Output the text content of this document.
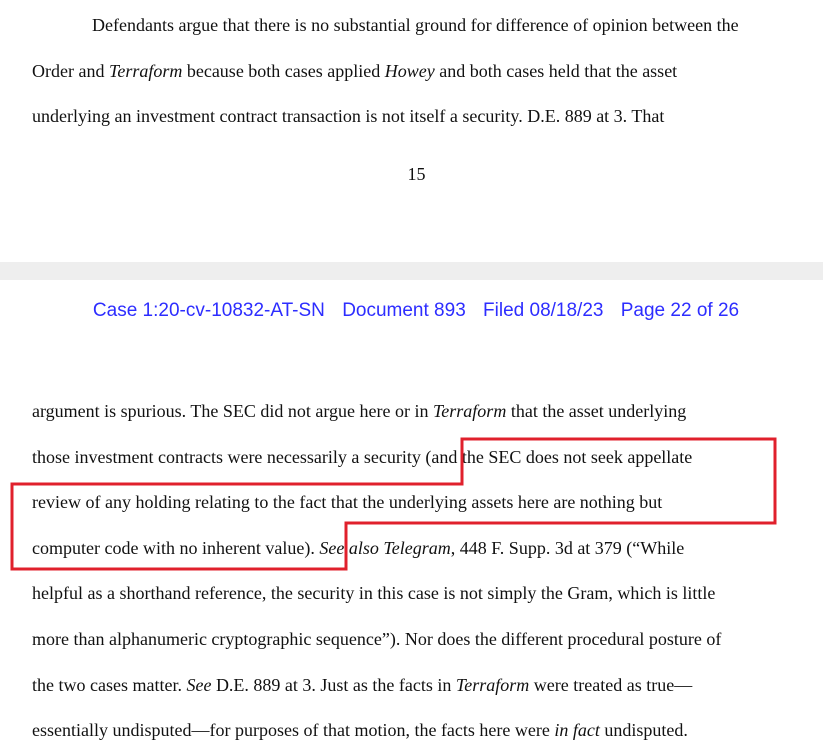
Defendants argue that there is no substantial ground for difference of opinion between the
Order and Terraform because both cases applied Howey and both cases held that the asset
underlying an investment contract transaction is not itself a security. D.E. 889 at 3. That
15
Case 1:20-cv-10832-AT-SN Document 893 Filed 08/18/23 Page 22 of 26
argument is spurious. The SEC did not argue here or in Terraform that the asset underlying
those investment contracts were necessarily a security (and the SEC does not seek appellate
review of any holding relating to the fact that the underlying assets here are nothing but
computer code with no inherent value). See also Telegram, 448 F. Supp. 3d at 379 (“While
helpful as a shorthand reference, the security in this case is not simply the Gram, which is little
more than alphanumeric cryptographic sequence”). Nor does the different procedural posture of
the two cases matter. See D.E. 889 at 3. Just as the facts in Terraform were treated as true—
essentially undisputed—for purposes of that motion, the facts here were in fact undisputed.
